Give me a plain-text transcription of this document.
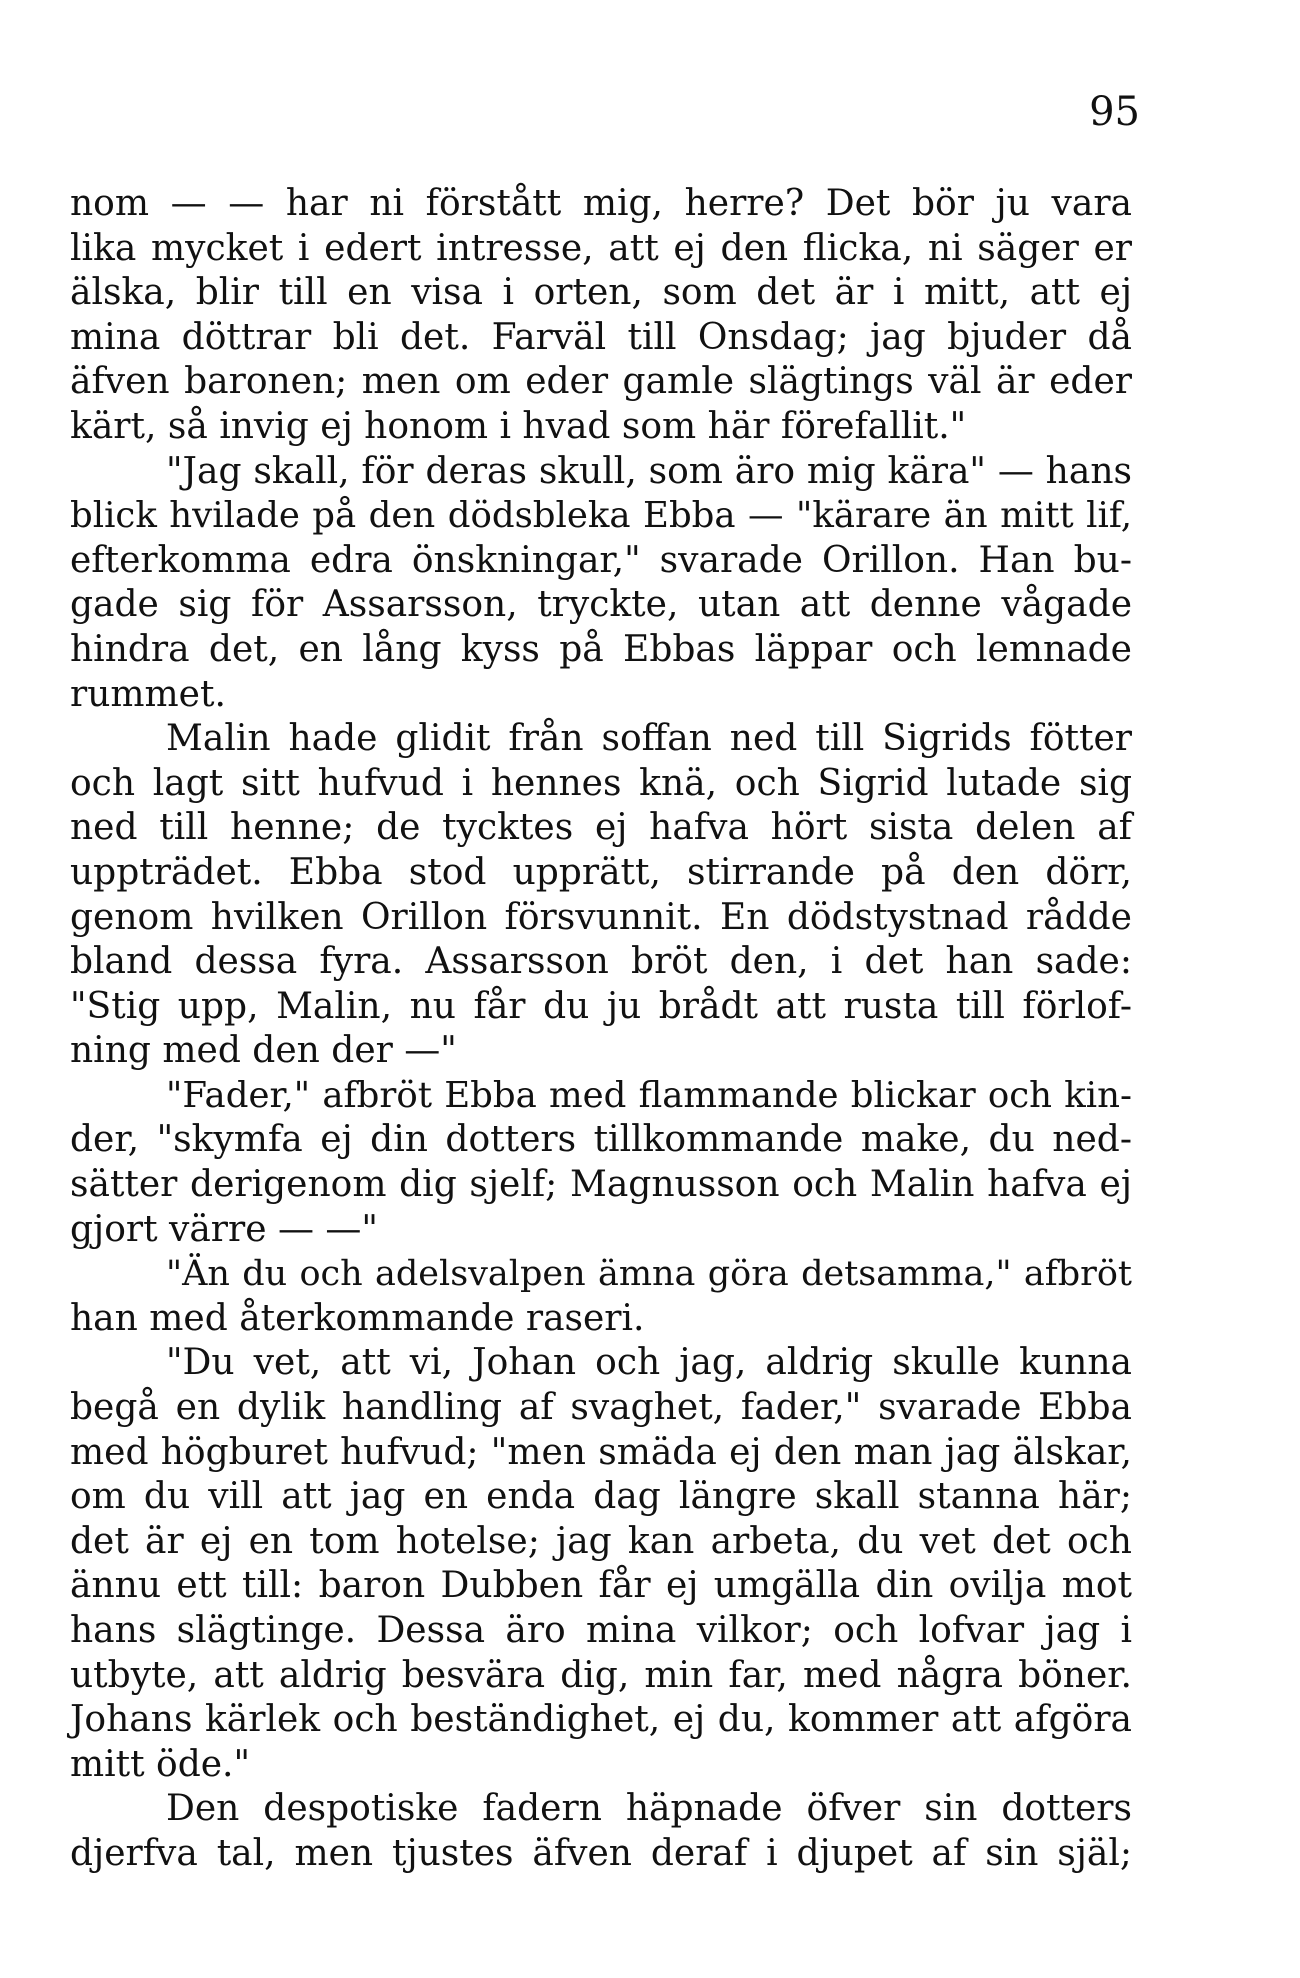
95
nom — — har ni förstått mig, herre? Det bör ju vara
lika mycket i edert intresse, att ej den flicka, ni säger er
älska, blir till en visa i orten, som det är i mitt, att ej
mina döttrar bli det. Farväl till Onsdag; jag bjuder då
äfven baronen; men om eder gamle slägtings väl är eder
kärt, så invig ej honom i hvad som här förefallit."
"Jag skall, för deras skull, som äro mig kära" — hans
blick hvilade på den dödsbleka Ebba — "kärare än mitt lif,
efterkomma edra önskningar," svarade Orillon. Han bu-
gade sig för Assarsson, tryckte, utan att denne vågade
hindra det, en lång kyss på Ebbas läppar och lemnade
rummet.
Malin hade glidit från soffan ned till Sigrids fötter
och lagt sitt hufvud i hennes knä, och Sigrid lutade sig
ned till henne; de tycktes ej hafva hört sista delen af
uppträdet. Ebba stod upprätt, stirrande på den dörr,
genom hvilken Orillon försvunnit. En dödstystnad rådde
bland dessa fyra. Assarsson bröt den, i det han sade:
"Stig upp, Malin, nu får du ju brådt att rusta till förlof-
ning med den der —"
"Fader," afbröt Ebba med flammande blickar och kin-
der, "skymfa ej din dotters tillkommande make, du ned-
sätter derigenom dig sjelf; Magnusson och Malin hafva ej
gjort värre — —"
"Än du och adelsvalpen ämna göra detsamma," afbröt
han med återkommande raseri.
"Du vet, att vi, Johan och jag, aldrig skulle kunna
begå en dylik handling af svaghet, fader," svarade Ebba
med högburet hufvud; "men smäda ej den man jag älskar,
om du vill att jag en enda dag längre skall stanna här;
det är ej en tom hotelse; jag kan arbeta, du vet det och
ännu ett till: baron Dubben får ej umgälla din ovilja mot
hans slägtinge. Dessa äro mina vilkor; och lofvar jag i
utbyte, att aldrig besvära dig, min far, med några böner.
Johans kärlek och beständighet, ej du, kommer att afgöra
mitt öde."
Den despotiske fadern häpnade öfver sin dotters
djerfva tal, men tjustes äfven deraf i djupet af sin själ;
